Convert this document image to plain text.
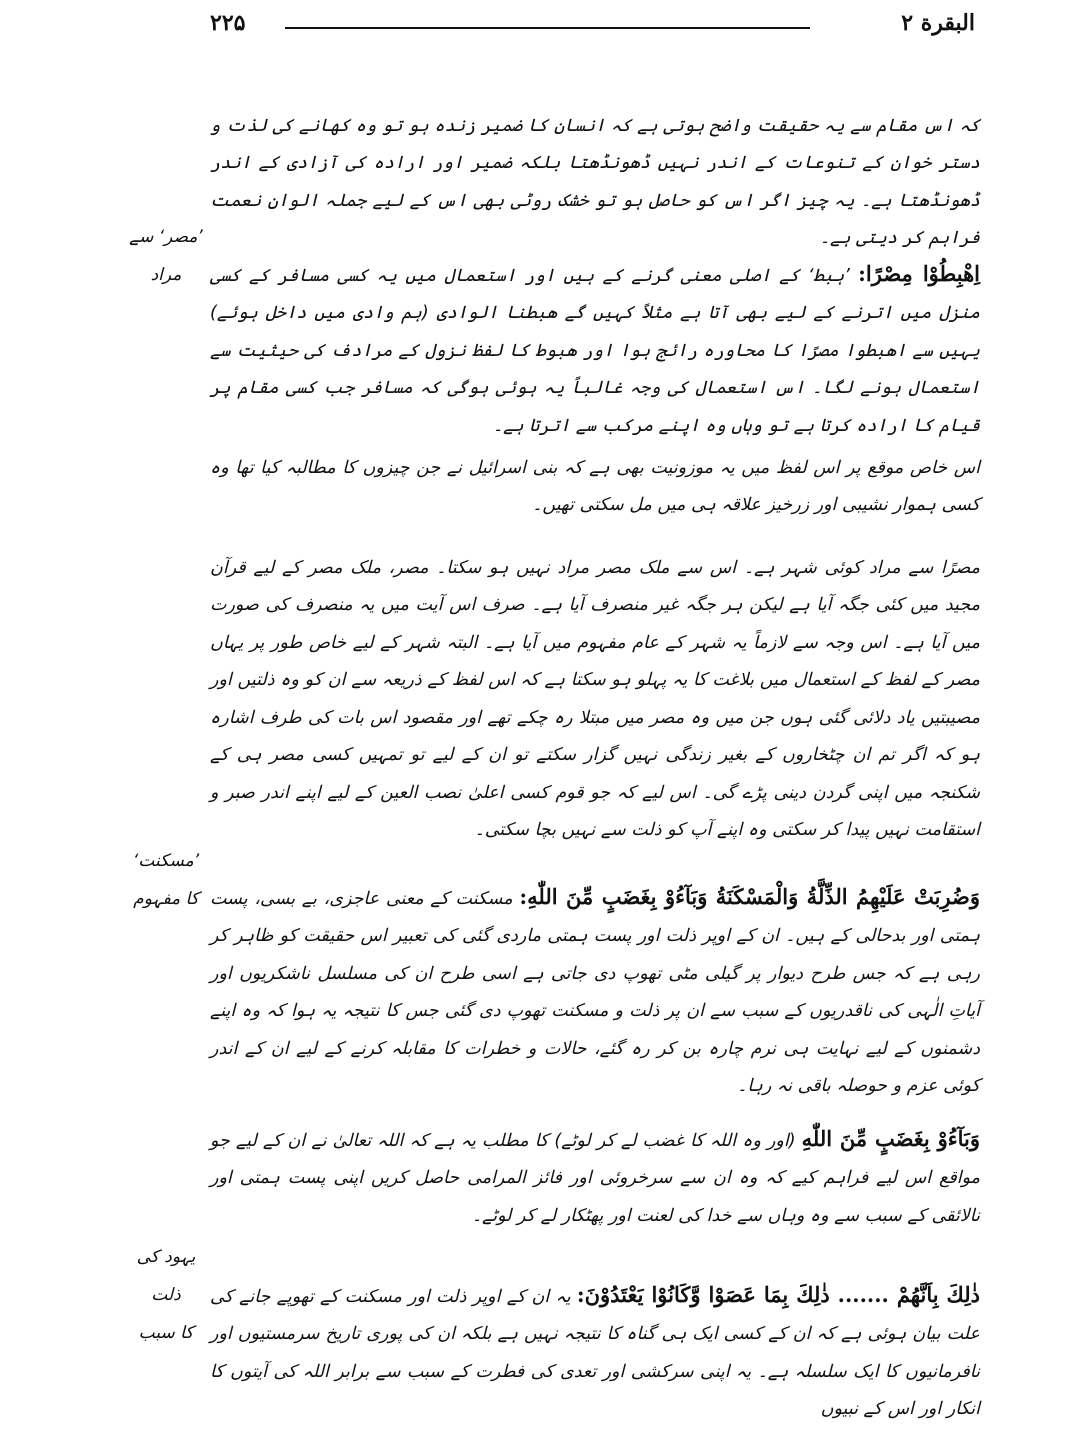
البقرة ۲
۲۲۵

کہ اس مقام سے یہ حقیقت واضح ہوتی ہے کہ انسان کا ضمیر زندہ ہو تو وہ کھانے کی لذت و دستر خوان کے تنوعات کے اندر نہیں ڈھونڈھتا بلکہ ضمیر اور ارادہ کی آزادی کے اندر ڈھونڈھتا ہے۔ یہ چیز اگر اس کو حاصل ہو تو خشک روٹی بھی اس کے لیے جملہ الوانِ نعمت فراہم کر دیتی ہے۔

اِهْبِطُوْا مِصْرًا: ’ہبط‘ کے اصلی معنی گرنے کے ہیں اور استعمال میں یہ کسی مسافر کے کسی منزل میں اترنے کے لیے بھی آتا ہے مثلاً کہیں گے هبطنا الوادی (ہم وادی میں داخل ہوئے) یہیں سے اهبطوا مصرًا کا محاورہ رائج ہوا اور هبوط کا لفظ نزول کے مرادف کی حیثیت سے استعمال ہونے لگا۔ اس استعمال کی وجہ غالباً یہ ہوئی ہوگی کہ مسافر جب کسی مقام پر قیام کا ارادہ کرتا ہے تو وہاں وہ اپنے مرکب سے اترتا ہے۔

اس خاص موقع پر اس لفظ میں یہ موزونیت بھی ہے کہ بنی اسرائیل نے جن چیزوں کا مطالبہ کیا تھا وہ کسی ہموار نشیبی اور زرخیز علاقہ ہی میں مل سکتی تھیں۔

مصرًا سے مراد کوئی شہر ہے۔ اس سے ملک مصر مراد نہیں ہو سکتا۔ مصر، ملک مصر کے لیے قرآن مجید میں کئی جگہ آیا ہے لیکن ہر جگہ غیر منصرف آیا ہے۔ صرف اس آیت میں یہ منصرف کی صورت میں آیا ہے۔ اس وجہ سے لازماً یہ شہر کے عام مفہوم میں آیا ہے۔ البتہ شہر کے لیے خاص طور پر یہاں مصر کے لفظ کے استعمال میں بلاغت کا یہ پہلو ہو سکتا ہے کہ اس لفظ کے ذریعہ سے ان کو وہ ذلتیں اور مصیبتیں یاد دلائی گئی ہوں جن میں وہ مصر میں مبتلا رہ چکے تھے اور مقصود اس بات کی طرف اشارہ ہو کہ اگر تم ان چٹخاروں کے بغیر زندگی نہیں گزار سکتے تو ان کے لیے تو تمہیں کسی مصر ہی کے شکنجہ میں اپنی گردن دینی پڑے گی۔ اس لیے کہ جو قوم کسی اعلیٰ نصب العین کے لیے اپنے اندر صبر و استقامت نہیں پیدا کر سکتی وہ اپنے آپ کو ذلت سے نہیں بچا سکتی۔

وَضُرِبَتْ عَلَيْهِمُ الذِّلَّةُ وَالْمَسْكَنَةُ وَبَآءُوْ بِغَضَبٍ مِّنَ اللّٰهِ: مسکنت کے معنی عاجزی، بے بسی، پست ہمتی اور بدحالی کے ہیں۔ ان کے اوپر ذلت اور پست ہمتی ماردی گئی کی تعبیر اس حقیقت کو ظاہر کر رہی ہے کہ جس طرح دیوار پر گیلی مٹی تھوپ دی جاتی ہے اسی طرح ان کی مسلسل ناشکریوں اور آیاتِ الٰہی کی ناقدریوں کے سبب سے ان پر ذلت و مسکنت تھوپ دی گئی جس کا نتیجہ یہ ہوا کہ وہ اپنے دشمنوں کے لیے نہایت ہی نرم چارہ بن کر رہ گئے، حالات و خطرات کا مقابلہ کرنے کے لیے ان کے اندر کوئی عزم و حوصلہ باقی نہ رہا۔

وَبَآءُوْ بِغَضَبٍ مِّنَ اللّٰهِ (اور وہ اللہ کا غضب لے کر لوٹے) کا مطلب یہ ہے کہ اللہ تعالیٰ نے ان کے لیے جو مواقع اس لیے فراہم کیے کہ وہ ان سے سرخروئی اور فائز المرامی حاصل کریں اپنی پست ہمتی اور نالائقی کے سبب سے وہ وہاں سے خدا کی لعنت اور پھٹکار لے کر لوٹے۔

ذٰلِكَ بِاَنَّهُمْ ....... ذٰلِكَ بِمَا عَصَوْا وَّكَانُوْا يَعْتَدُوْنَ: یہ ان کے اوپر ذلت اور مسکنت کے تھوپے جانے کی علت بیان ہوئی ہے کہ ان کے کسی ایک ہی گناہ کا نتیجہ نہیں ہے بلکہ ان کی پوری تاریخ سرمستیوں اور نافرمانیوں کا ایک سلسلہ ہے۔ یہ اپنی سرکشی اور تعدی کی فطرت کے سبب سے برابر اللہ کی آیتوں کا انکار اور اس کے نبیوں

’مصر‘ سے
مراد
’مسکنت‘
کا مفہوم
یہود کی ذلت
کا سبب
